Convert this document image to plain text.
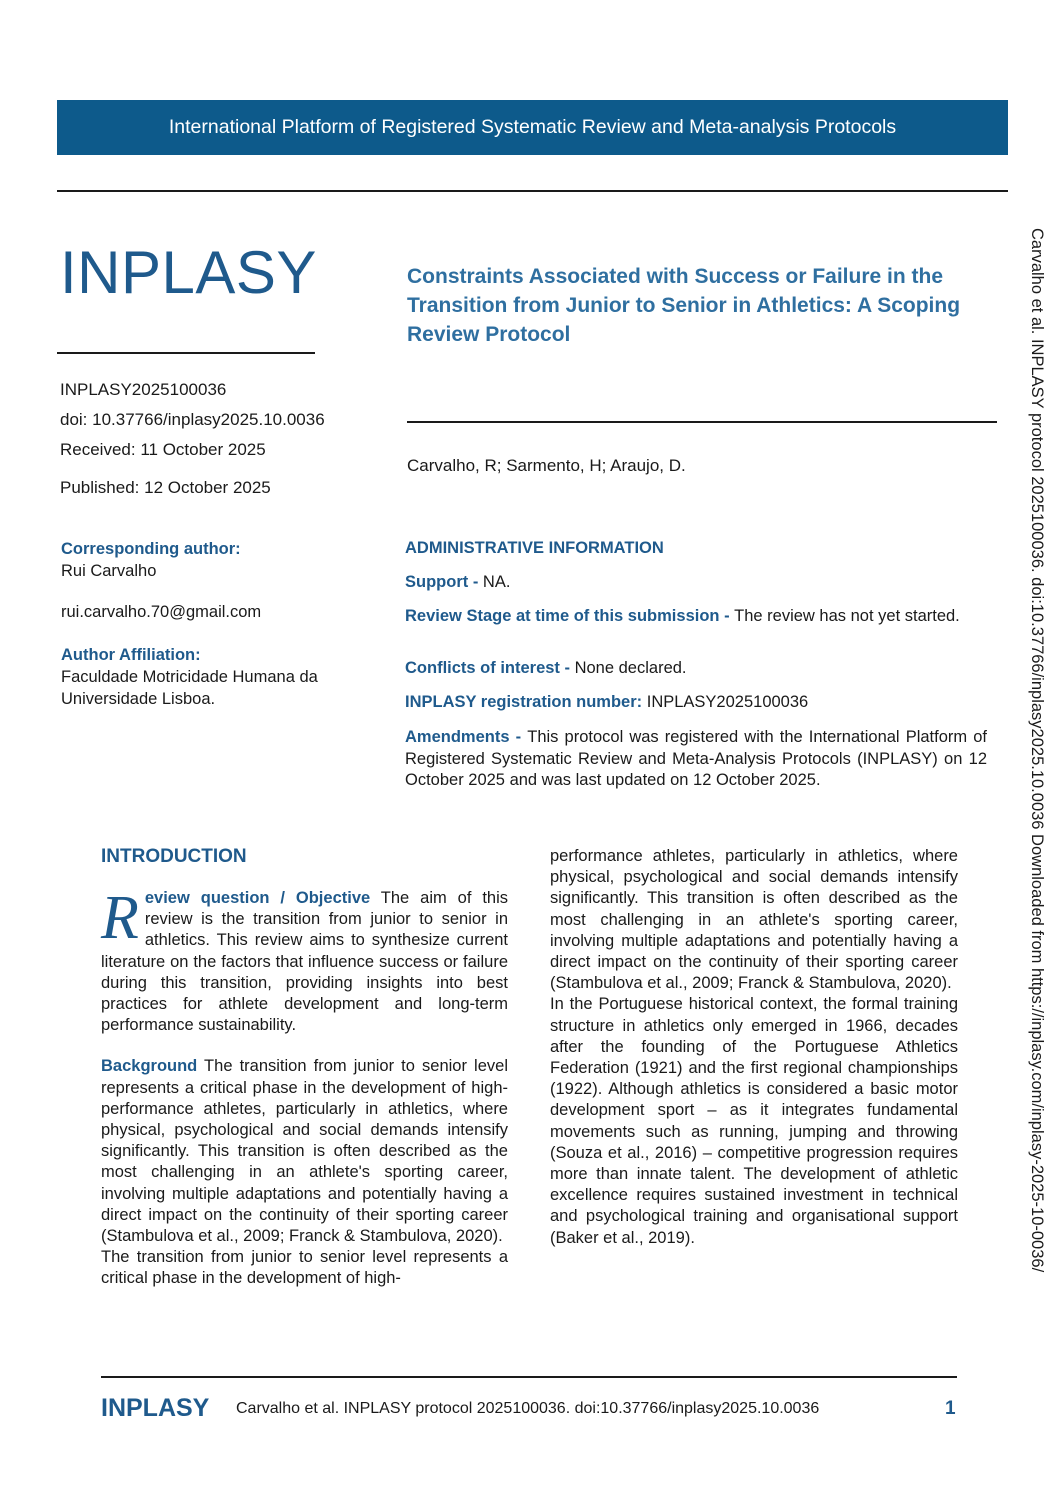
International Platform of Registered Systematic Review and Meta-analysis Protocols
INPLASY	Constraints Associated with Success or Failure in the Transition from Junior to Senior in Athletics: A Scoping Review Protocol
INPLASY2025100036
doi: 10.37766/inplasy2025.10.0036
Received: 11 October 2025
Published: 12 October 2025
Carvalho, R; Sarmento, H; Araujo, D.
Corresponding author:
Rui Carvalho
rui.carvalho.70@gmail.com
Author Affiliation:
Faculdade Motricidade Humana da Universidade Lisboa.
ADMINISTRATIVE INFORMATION
Support - NA.
Review Stage at time of this submission - The review has not yet started.
Conflicts of interest - None declared.
INPLASY registration number: INPLASY2025100036
Amendments - This protocol was registered with the International Platform of Registered Systematic Review and Meta-Analysis Protocols (INPLASY) on 12 October 2025 and was last updated on 12 October 2025.
INTRODUCTION

Review question / Objective The aim of this review is the transition from junior to senior in athletics. This review aims to synthesize current literature on the factors that influence success or failure during this transition, providing insights into best practices for athlete development and long-term performance sustainability.

Background The transition from junior to senior level represents a critical phase in the development of high-performance athletes, particularly in athletics, where physical, psychological and social demands intensify significantly. This transition is often described as the most challenging in an athlete's sporting career, involving multiple adaptations and potentially having a direct impact on the continuity of their sporting career (Stambulova et al., 2009; Franck & Stambulova, 2020).

The transition from junior to senior level represents a critical phase in the development of high-

performance athletes, particularly in athletics, where physical, psychological and social demands intensify significantly. This transition is often described as the most challenging in an athlete's sporting career, involving multiple adaptations and potentially having a direct impact on the continuity of their sporting career (Stambulova et al., 2009; Franck & Stambulova, 2020).

In the Portuguese historical context, the formal training structure in athletics only emerged in 1966, decades after the founding of the Portuguese Athletics Federation (1921) and the first regional championships (1922). Although athletics is considered a basic motor development sport – as it integrates fundamental movements such as running, jumping and throwing (Souza et al., 2016) – competitive progression requires more than innate talent. The development of athletic excellence requires sustained investment in technical and psychological training and organisational support (Baker et al., 2019).	Carvalho et al. INPLASY protocol 2025100036. doi:10.37766/inplasy2025.10.0036 Downloaded from https://inplasy.com/inplasy-2025-10-0036/
INPLASY Carvalho et al. INPLASY protocol 2025100036. doi:10.37766/inplasy2025.10.0036	1
